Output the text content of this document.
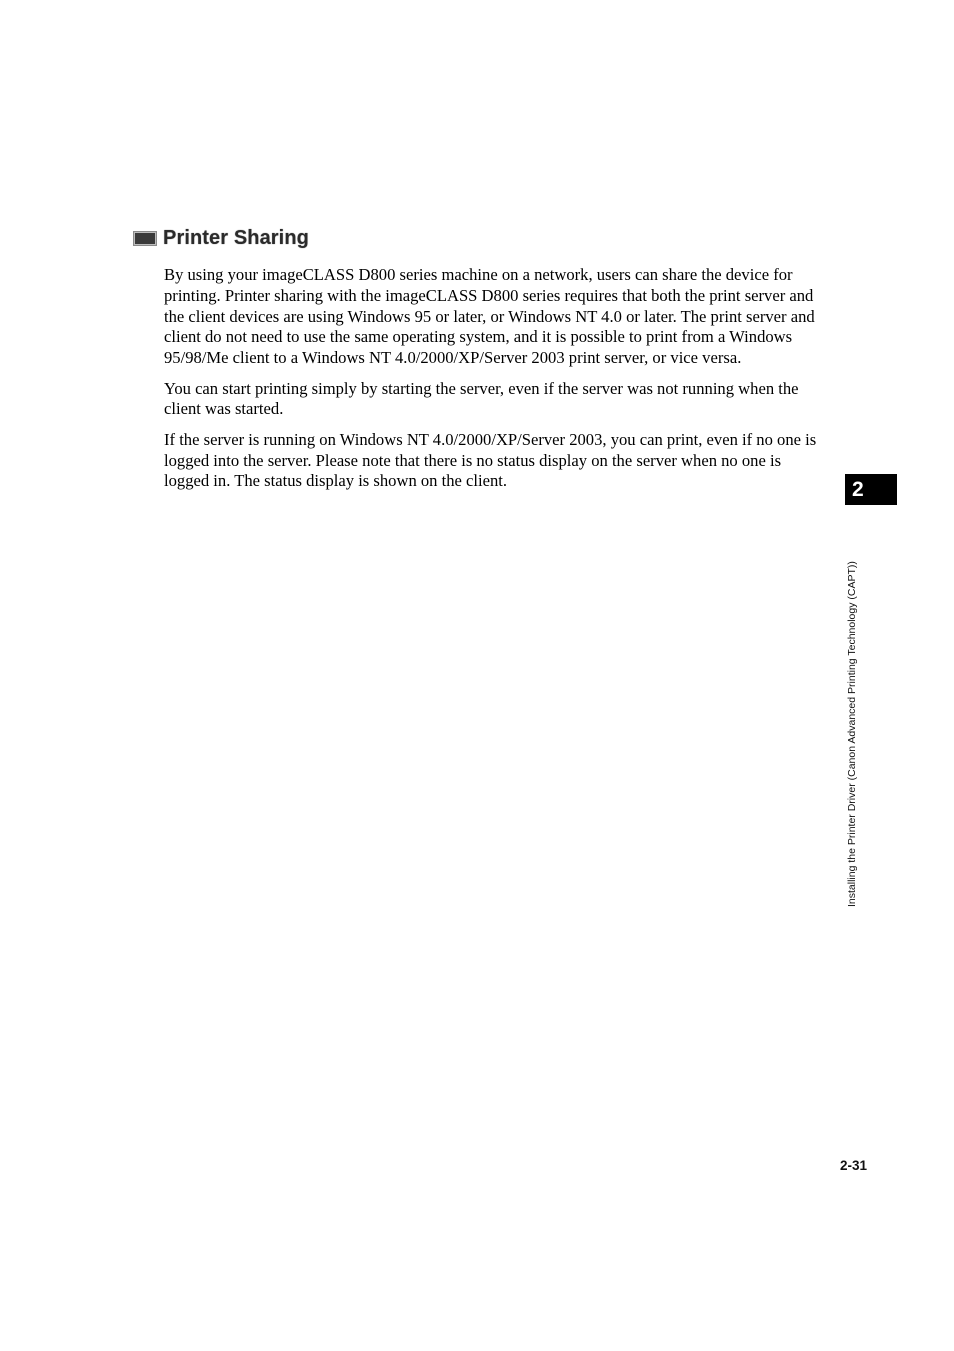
Printer Sharing

By using your imageCLASS D800 series machine on a network, users can share the device for printing. Printer sharing with the imageCLASS D800 series requires that both the print server and the client devices are using Windows 95 or later, or Windows NT 4.0 or later. The print server and client do not need to use the same operating system, and it is possible to print from a Windows 95/98/Me client to a Windows NT 4.0/2000/XP/Server 2003 print server, or vice versa.

You can start printing simply by starting the server, even if the server was not running when the client was started.

If the server is running on Windows NT 4.0/2000/XP/Server 2003, you can print, even if no one is logged into the server. Please note that there is no status display on the server when no one is logged in. The status display is shown on the client.	2
Installing the Printer Driver (Canon Advanced Printing Technology (CAPT))
2-31
